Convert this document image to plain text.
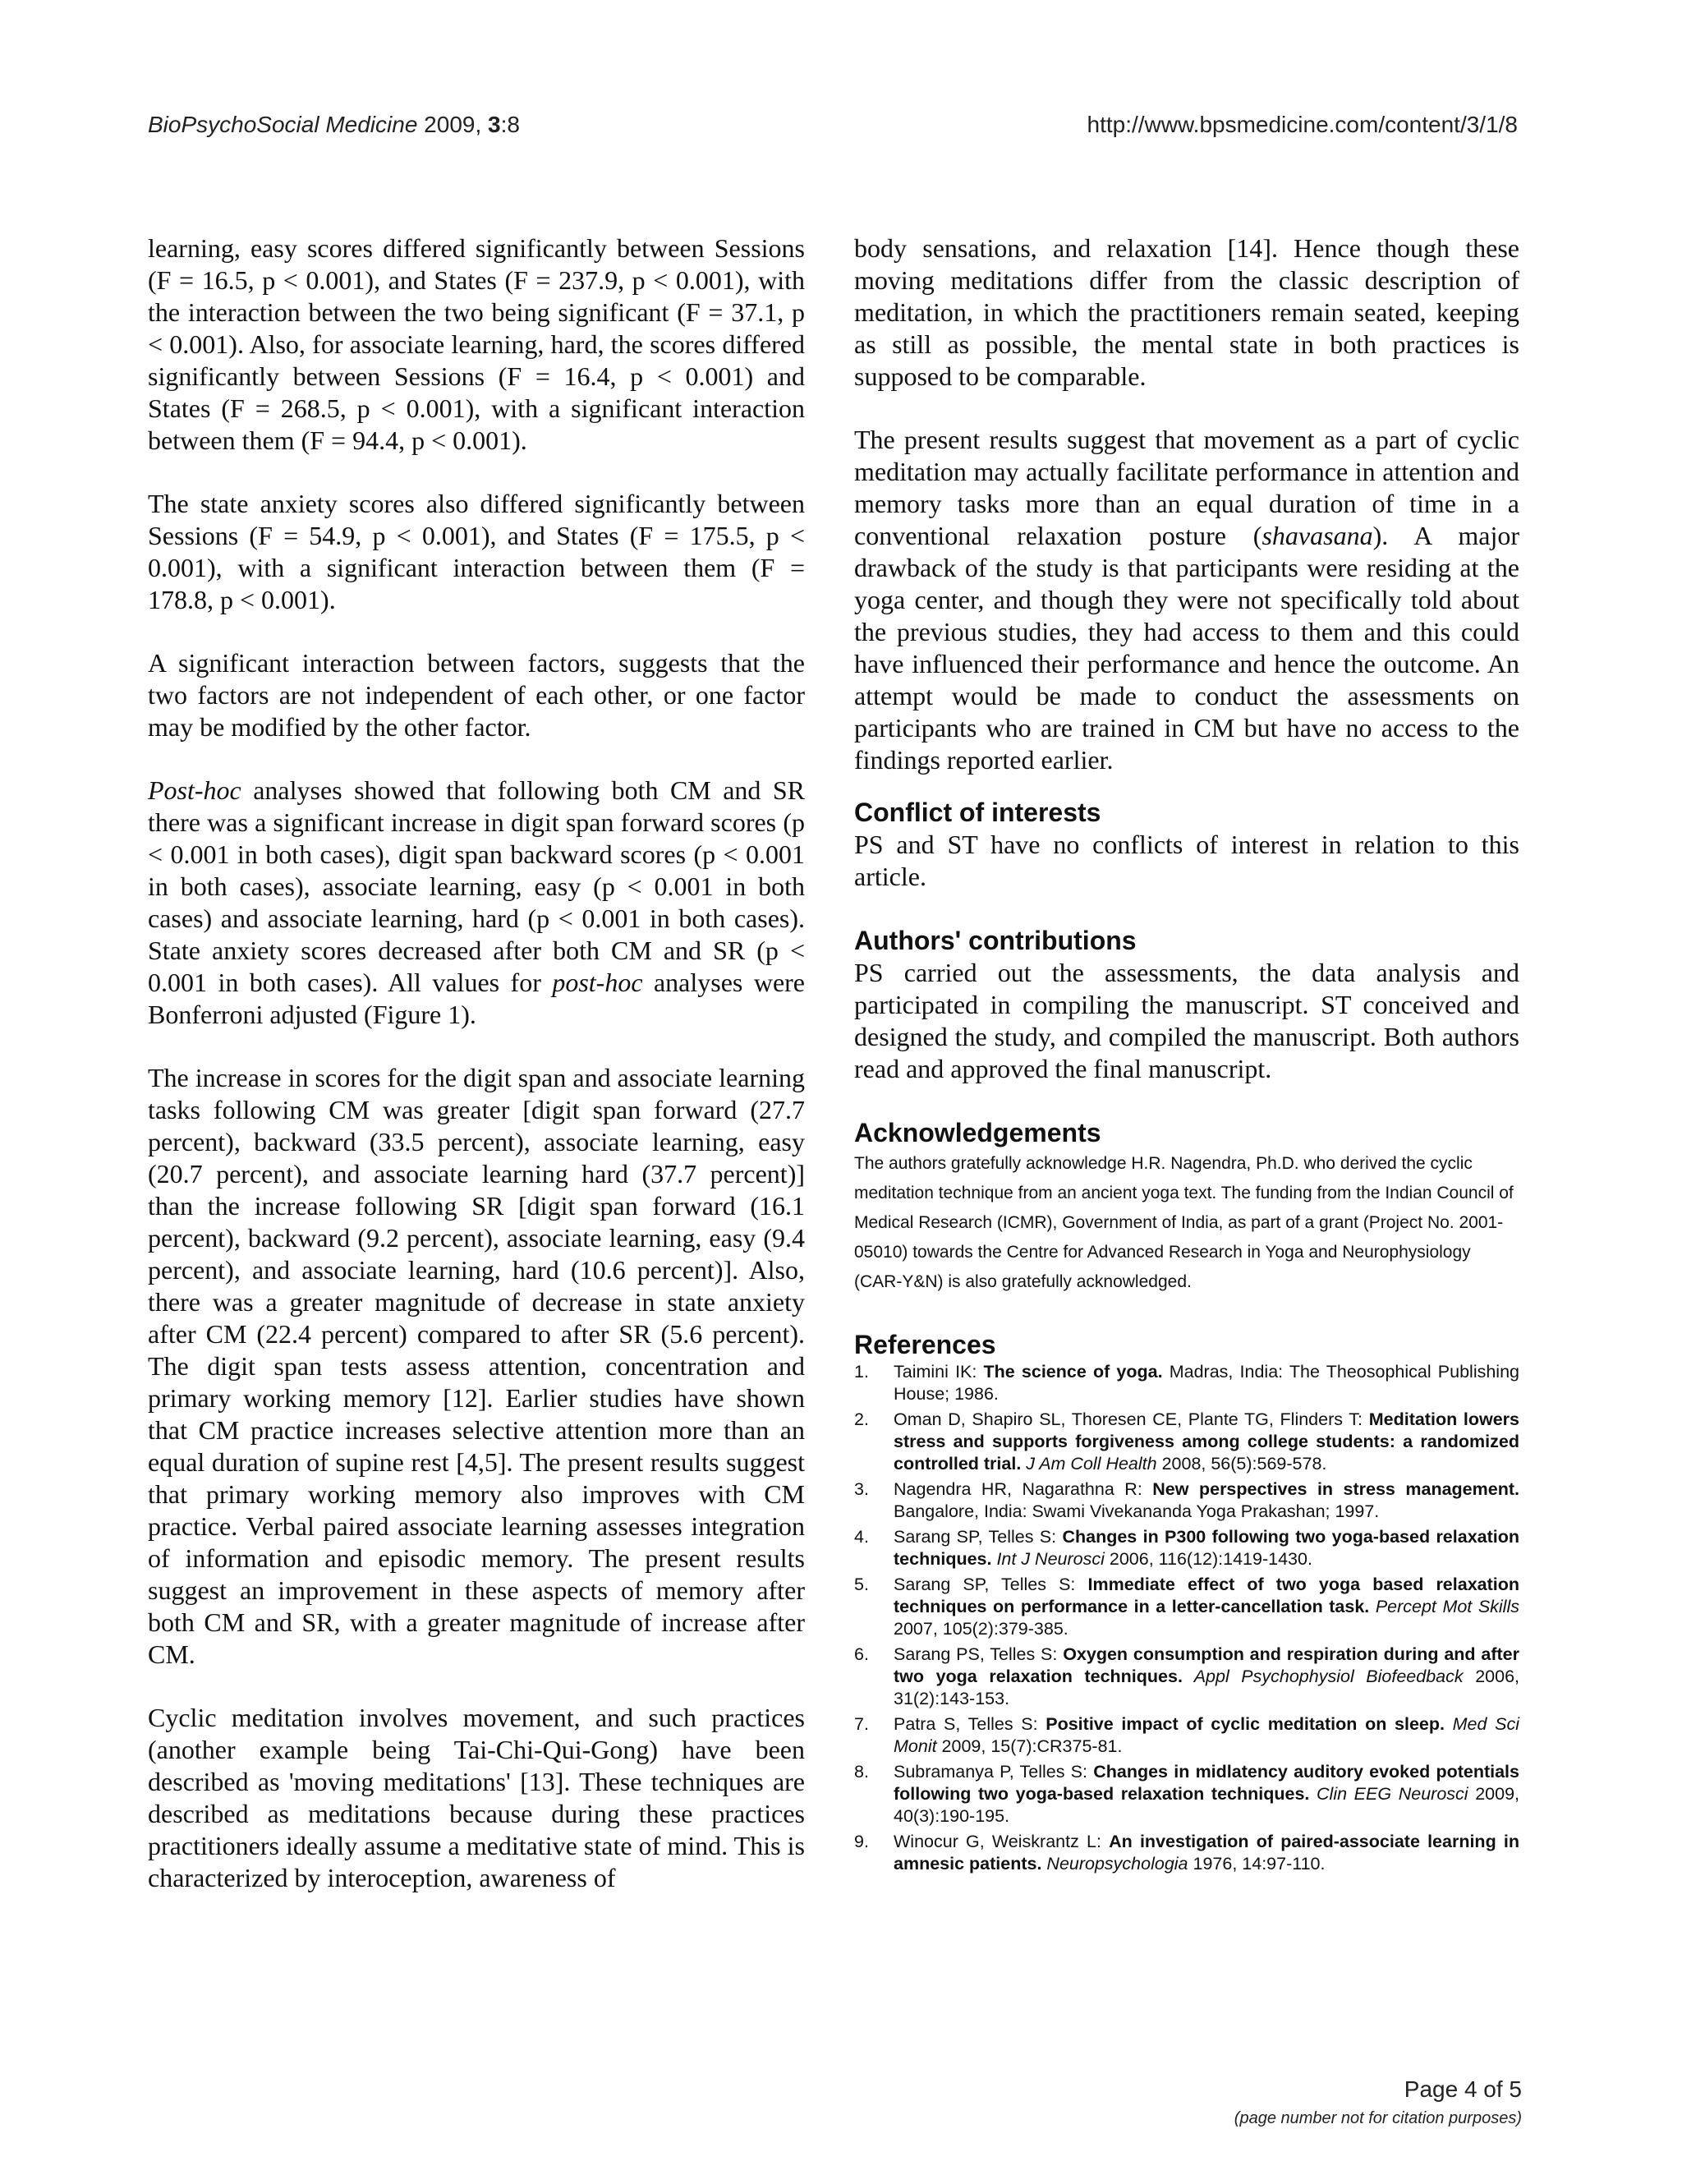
BioPsychoSocial Medicine 2009, 3:8	http://www.bpsmedicine.com/content/3/1/8

learning, easy scores differed significantly between Sessions (F = 16.5, p < 0.001), and States (F = 237.9, p < 0.001), with the interaction between the two being significant (F = 37.1, p < 0.001). Also, for associate learning, hard, the scores differed significantly between Sessions (F = 16.4, p < 0.001) and States (F = 268.5, p < 0.001), with a significant interaction between them (F = 94.4, p < 0.001).

The state anxiety scores also differed significantly between Sessions (F = 54.9, p < 0.001), and States (F = 175.5, p < 0.001), with a significant interaction between them (F = 178.8, p < 0.001).

A significant interaction between factors, suggests that the two factors are not independent of each other, or one factor may be modified by the other factor.

Post-hoc analyses showed that following both CM and SR there was a significant increase in digit span forward scores (p < 0.001 in both cases), digit span backward scores (p < 0.001 in both cases), associate learning, easy (p < 0.001 in both cases) and associate learning, hard (p < 0.001 in both cases). State anxiety scores decreased after both CM and SR (p < 0.001 in both cases). All values for post-hoc analyses were Bonferroni adjusted (Figure 1).

The increase in scores for the digit span and associate learning tasks following CM was greater [digit span forward (27.7 percent), backward (33.5 percent), associate learning, easy (20.7 percent), and associate learning hard (37.7 percent)] than the increase following SR [digit span forward (16.1 percent), backward (9.2 percent), associate learning, easy (9.4 percent), and associate learning, hard (10.6 percent)]. Also, there was a greater magnitude of decrease in state anxiety after CM (22.4 percent) compared to after SR (5.6 percent). The digit span tests assess attention, concentration and primary working memory [12]. Earlier studies have shown that CM practice increases selective attention more than an equal duration of supine rest [4,5]. The present results suggest that primary working memory also improves with CM practice. Verbal paired associate learning assesses integration of information and episodic memory. The present results suggest an improvement in these aspects of memory after both CM and SR, with a greater magnitude of increase after CM.

Cyclic meditation involves movement, and such practices (another example being Tai-Chi-Qui-Gong) have been described as 'moving meditations' [13]. These techniques are described as meditations because during these practices practitioners ideally assume a meditative state of mind. This is characterized by interoception, awareness of

body sensations, and relaxation [14]. Hence though these moving meditations differ from the classic description of meditation, in which the practitioners remain seated, keeping as still as possible, the mental state in both practices is supposed to be comparable.

The present results suggest that movement as a part of cyclic meditation may actually facilitate performance in attention and memory tasks more than an equal duration of time in a conventional relaxation posture (shavasana). A major drawback of the study is that participants were residing at the yoga center, and though they were not specifically told about the previous studies, they had access to them and this could have influenced their performance and hence the outcome. An attempt would be made to conduct the assessments on participants who are trained in CM but have no access to the findings reported earlier.

Conflict of interests

PS and ST have no conflicts of interest in relation to this article.

Authors' contributions

PS carried out the assessments, the data analysis and participated in compiling the manuscript. ST conceived and designed the study, and compiled the manuscript. Both authors read and approved the final manuscript.

Acknowledgements

The authors gratefully acknowledge H.R. Nagendra, Ph.D. who derived the cyclic meditation technique from an ancient yoga text. The funding from the Indian Council of Medical Research (ICMR), Government of India, as part of a grant (Project No. 2001-05010) towards the Centre for Advanced Research in Yoga and Neurophysiology (CAR-Y&N) is also gratefully acknowledged.

References
1. Taimini IK: The science of yoga. Madras, India: The Theosophical Publishing House; 1986.
2. Oman D, Shapiro SL, Thoresen CE, Plante TG, Flinders T: Meditation lowers stress and supports forgiveness among college students: a randomized controlled trial. J Am Coll Health 2008, 56(5):569-578.
3. Nagendra HR, Nagarathna R: New perspectives in stress management. Bangalore, India: Swami Vivekananda Yoga Prakashan; 1997.
4. Sarang SP, Telles S: Changes in P300 following two yoga-based relaxation techniques. Int J Neurosci 2006, 116(12):1419-1430.
5. Sarang SP, Telles S: Immediate effect of two yoga based relaxation techniques on performance in a letter-cancellation task. Percept Mot Skills 2007, 105(2):379-385.
6. Sarang PS, Telles S: Oxygen consumption and respiration during and after two yoga relaxation techniques. Appl Psychophysiol Biofeedback 2006, 31(2):143-153.
7. Patra S, Telles S: Positive impact of cyclic meditation on sleep. Med Sci Monit 2009, 15(7):CR375-81.
8. Subramanya P, Telles S: Changes in midlatency auditory evoked potentials following two yoga-based relaxation techniques. Clin EEG Neurosci 2009, 40(3):190-195.
9. Winocur G, Weiskrantz L: An investigation of paired-associate learning in amnesic patients. Neuropsychologia 1976, 14:97-110.
Page 4 of 5
(page number not for citation purposes)
